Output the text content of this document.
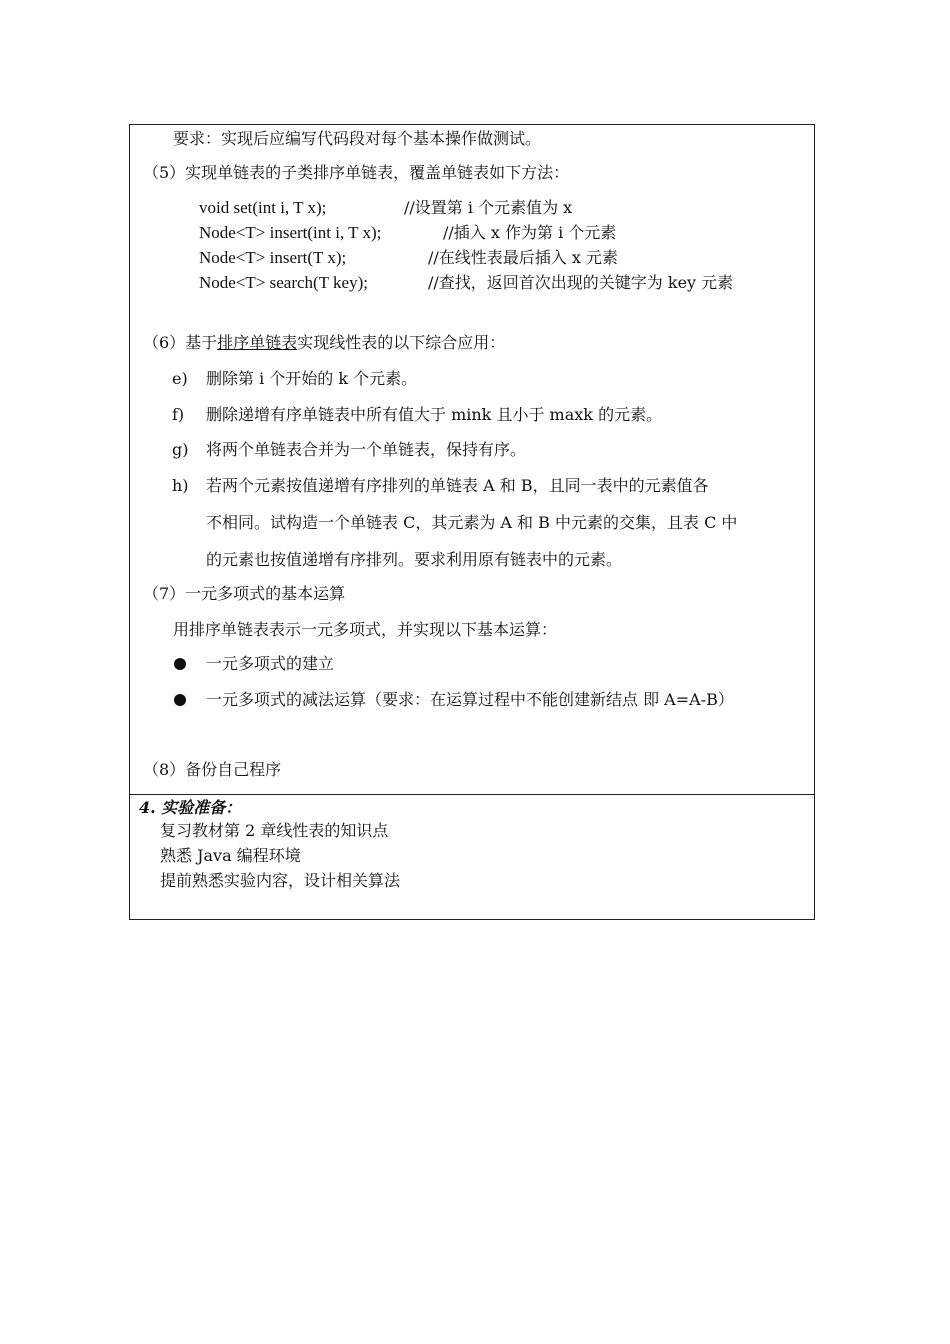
要求：实现后应编写代码段对每个基本操作做测试。
（5）实现单链表的子类排序单链表，覆盖单链表如下方法：
void set(int i, T x);	//设置第 i 个元素值为 x
Node<T> insert(int i, T x);	//插入 x 作为第 i 个元素
Node<T> insert(T x);	//在线性表最后插入 x 元素
Node<T> search(T key);	//查找，返回首次出现的关键字为 key 元素
（6）基于排序单链表实现线性表的以下综合应用：
e) 删除第 i 个开始的 k 个元素。
f) 删除递增有序单链表中所有值大于 mink 且小于 maxk 的元素。
g) 将两个单链表合并为一个单链表，保持有序。
h) 若两个元素按值递增有序排列的单链表 A 和 B，且同一表中的元素值各
不相同。试构造一个单链表 C，其元素为 A 和 B 中元素的交集，且表 C 中
的元素也按值递增有序排列。要求利用原有链表中的元素。
（7）一元多项式的基本运算
用排序单链表表示一元多项式，并实现以下基本运算：
一元多项式的建立
一元多项式的减法运算（要求：在运算过程中不能创建新结点 即 A=A-B）
（8）备份自己程序
4. 实验准备：
复习教材第 2 章线性表的知识点
熟悉 Java 编程环境
提前熟悉实验内容，设计相关算法
